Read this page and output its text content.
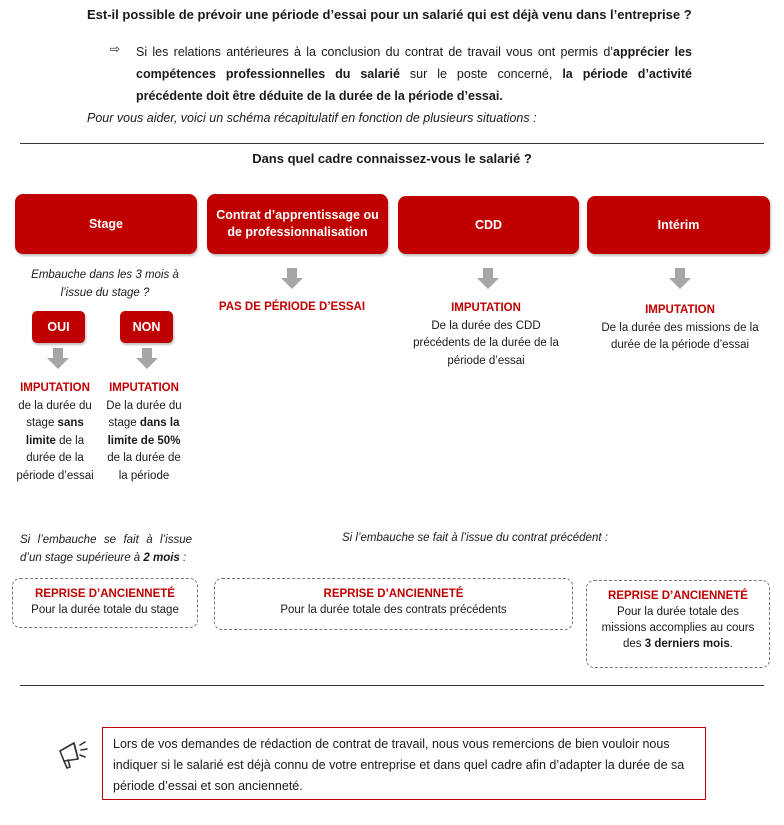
Est-il possible de prévoir une période d’essai pour un salarié qui est déjà venu dans l’entreprise ?
⇨ Si les relations antérieures à la conclusion du contrat de travail vous ont permis d’apprécier les compétences professionnelles du salarié sur le poste concerné, la période d’activité précédente doit être déduite de la durée de la période d’essai.
Pour vous aider, voici un schéma récapitulatif en fonction de plusieurs situations :
Dans quel cadre connaissez-vous le salarié ?
Stage
Contrat d’apprentissage ou de professionnalisation
CDD	Intérim
Embauche dans les 3 mois à l’issue du stage ?
OUI	NON
IMPUTATION
de la durée du stage sans limite de la durée de la période d’essai
IMPUTATION
De la durée du stage dans la limite de 50% de la durée de la période
PAS DE PÉRIODE D’ESSAI	IMPUTATION
De la durée des CDD précédents de la durée de la période d’essai
IMPUTATION
De la durée des missions de la durée de la période d’essai
Si l’embauche se fait à l’issue d’un stage supérieure à 2 mois :
Si l’embauche se fait à l’issue du contrat précédent :
REPRISE D’ANCIENNETÉ
Pour la durée totale du stage
REPRISE D’ANCIENNETÉ
Pour la durée totale des contrats précédents
REPRISE D’ANCIENNETÉ
Pour la durée totale des missions accomplies au cours des 3 derniers mois.
Lors de vos demandes de rédaction de contrat de travail, nous vous remercions de bien vouloir nous indiquer si le salarié est déjà connu de votre entreprise et dans quel cadre afin d’adapter la durée de sa période d’essai et son ancienneté.
